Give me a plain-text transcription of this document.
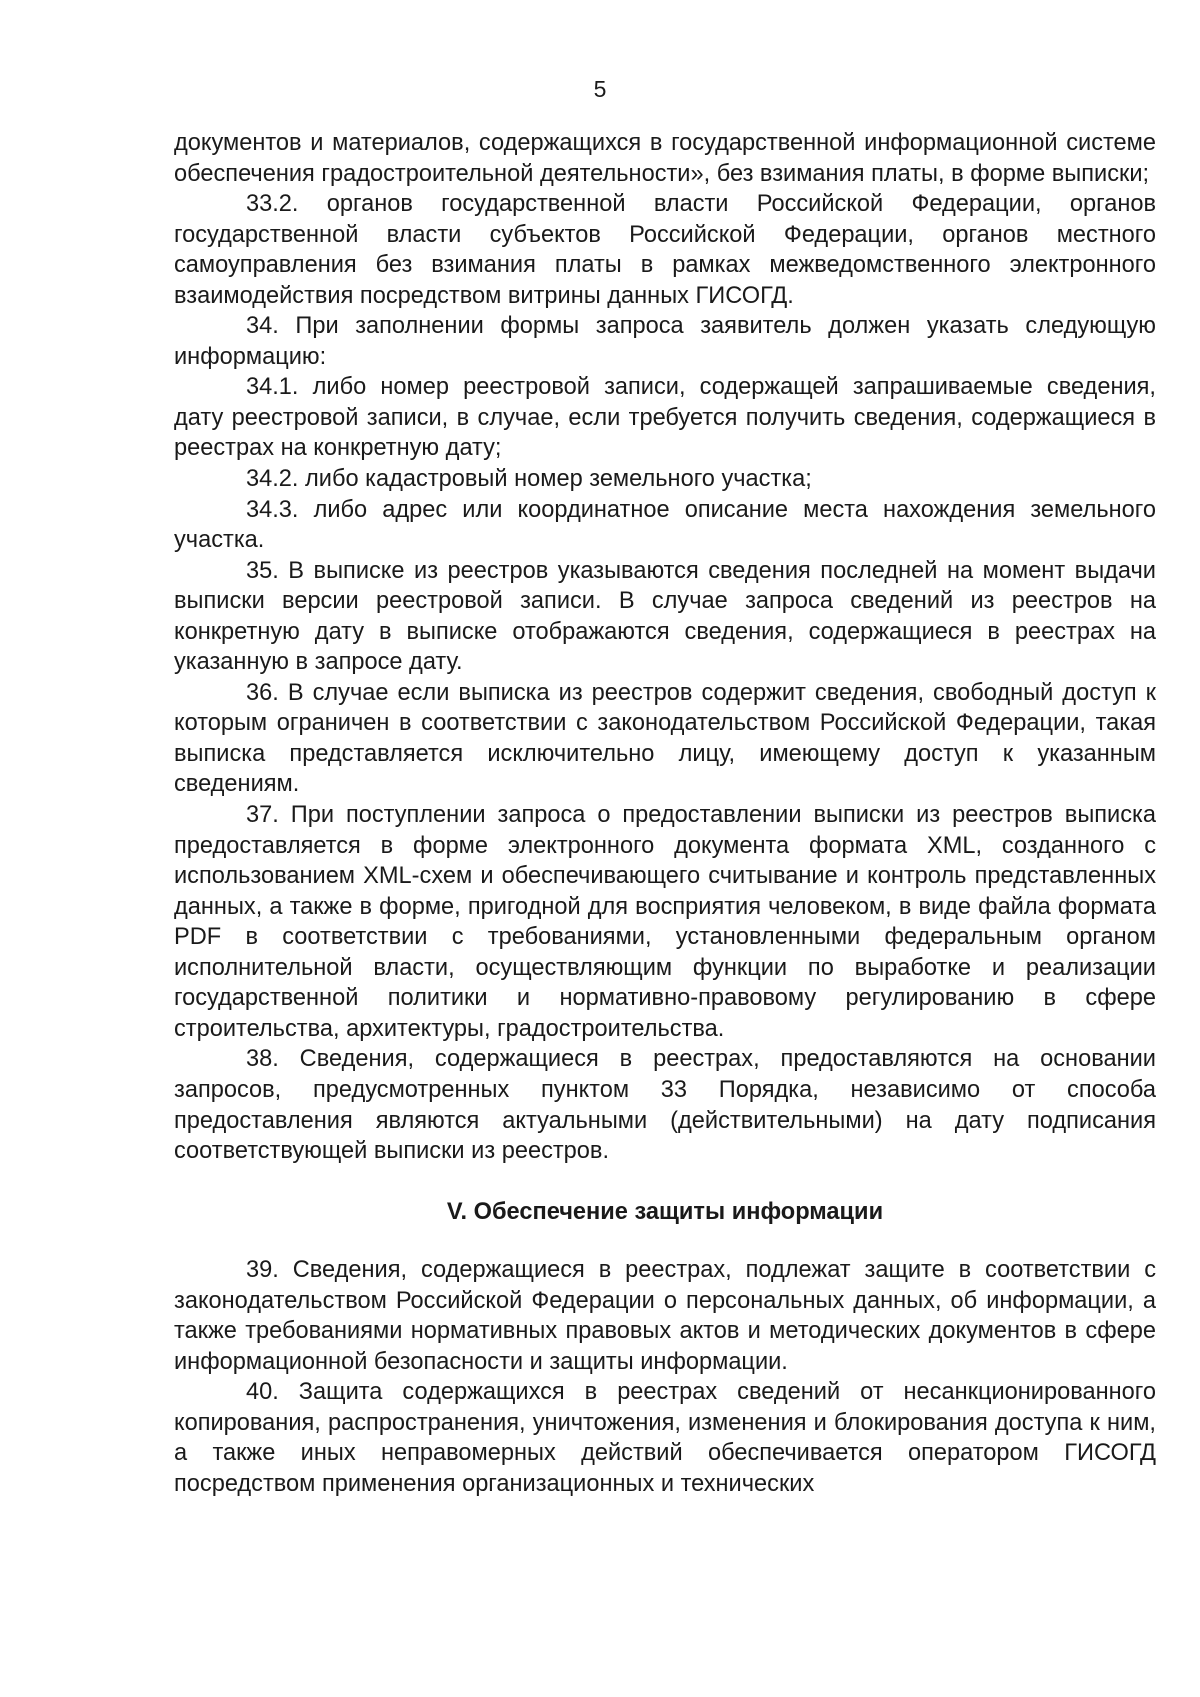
5

документов и материалов, содержащихся в государственной информационной системе обеспечения градостроительной деятельности», без взимания платы, в форме выписки;

33.2. органов государственной власти Российской Федерации, органов государственной власти субъектов Российской Федерации, органов местного самоуправления без взимания платы в рамках межведомственного электронного взаимодействия посредством витрины данных ГИСОГД.

34. При заполнении формы запроса заявитель должен указать следующую информацию:

34.1. либо номер реестровой записи, содержащей запрашиваемые сведения, дату реестровой записи, в случае, если требуется получить сведения, содержащиеся в реестрах на конкретную дату;

34.2. либо кадастровый номер земельного участка;

34.3. либо адрес или координатное описание места нахождения земельного участка.

35. В выписке из реестров указываются сведения последней на момент выдачи выписки версии реестровой записи. В случае запроса сведений из реестров на конкретную дату в выписке отображаются сведения, содержащиеся в реестрах на указанную в запросе дату.

36. В случае если выписка из реестров содержит сведения, свободный доступ к которым ограничен в соответствии с законодательством Российской Федерации, такая выписка представляется исключительно лицу, имеющему доступ к указанным сведениям.

37. При поступлении запроса о предоставлении выписки из реестров выписка предоставляется в форме электронного документа формата XML, созданного с использованием XML-схем и обеспечивающего считывание и контроль представленных данных, а также в форме, пригодной для восприятия человеком, в виде файла формата PDF в соответствии с требованиями, установленными федеральным органом исполнительной власти, осуществляющим функции по выработке и реализации государственной политики и нормативно-правовому регулированию в сфере строительства, архитектуры, градостроительства.

38. Сведения, содержащиеся в реестрах, предоставляются на основании запросов, предусмотренных пунктом 33 Порядка, независимо от способа предоставления являются актуальными (действительными) на дату подписания соответствующей выписки из реестров.

V. Обеспечение защиты информации

39. Сведения, содержащиеся в реестрах, подлежат защите в соответствии с законодательством Российской Федерации о персональных данных, об информации, а также требованиями нормативных правовых актов и методических документов в сфере информационной безопасности и защиты информации.

40. Защита содержащихся в реестрах сведений от несанкционированного копирования, распространения, уничтожения, изменения и блокирования доступа к ним, а также иных неправомерных действий обеспечивается оператором ГИСОГД посредством применения организационных и технических
